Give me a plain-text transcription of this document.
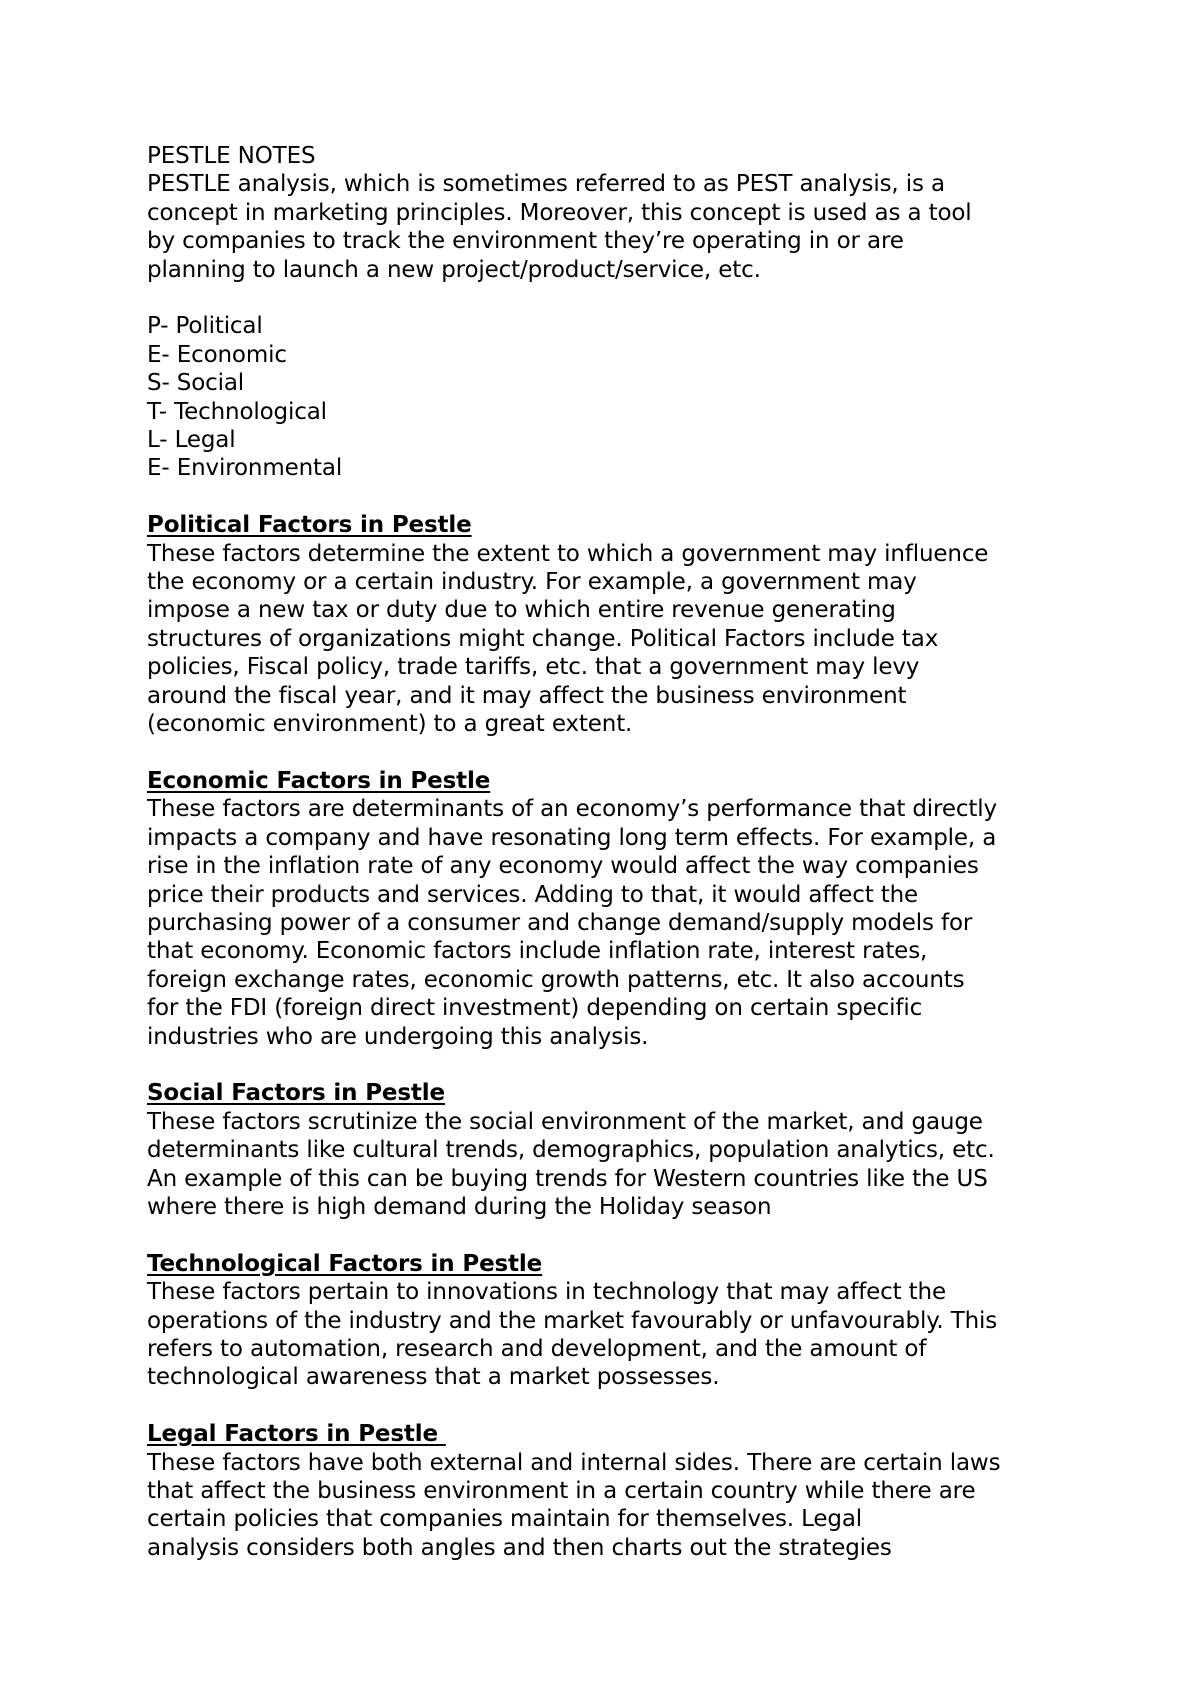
PESTLE NOTES
PESTLE analysis, which is sometimes referred to as PEST analysis, is a
concept in marketing principles. Moreover, this concept is used as a tool
by companies to track the environment they’re operating in or are
planning to launch a new project/product/service, etc.
P- Political
E- Economic
S- Social
T- Technological
L- Legal
E- Environmental
Political Factors in Pestle
These factors determine the extent to which a government may influence
the economy or a certain industry. For example, a government may
impose a new tax or duty due to which entire revenue generating
structures of organizations might change. Political Factors include tax
policies, Fiscal policy, trade tariffs, etc. that a government may levy
around the fiscal year, and it may affect the business environment
(economic environment) to a great extent.
Economic Factors in Pestle
These factors are determinants of an economy’s performance that directly
impacts a company and have resonating long term effects. For example, a
rise in the inflation rate of any economy would affect the way companies
price their products and services. Adding to that, it would affect the
purchasing power of a consumer and change demand/supply models for
that economy. Economic factors include inflation rate, interest rates,
foreign exchange rates, economic growth patterns, etc. It also accounts
for the FDI (foreign direct investment) depending on certain specific
industries who are undergoing this analysis.
Social Factors in Pestle
These factors scrutinize the social environment of the market, and gauge
determinants like cultural trends, demographics, population analytics, etc.
An example of this can be buying trends for Western countries like the US
where there is high demand during the Holiday season
Technological Factors in Pestle
These factors pertain to innovations in technology that may affect the
operations of the industry and the market favourably or unfavourably. This
refers to automation, research and development, and the amount of
technological awareness that a market possesses.
Legal Factors in Pestle
These factors have both external and internal sides. There are certain laws
that affect the business environment in a certain country while there are
certain policies that companies maintain for themselves. Legal
analysis considers both angles and then charts out the strategies
